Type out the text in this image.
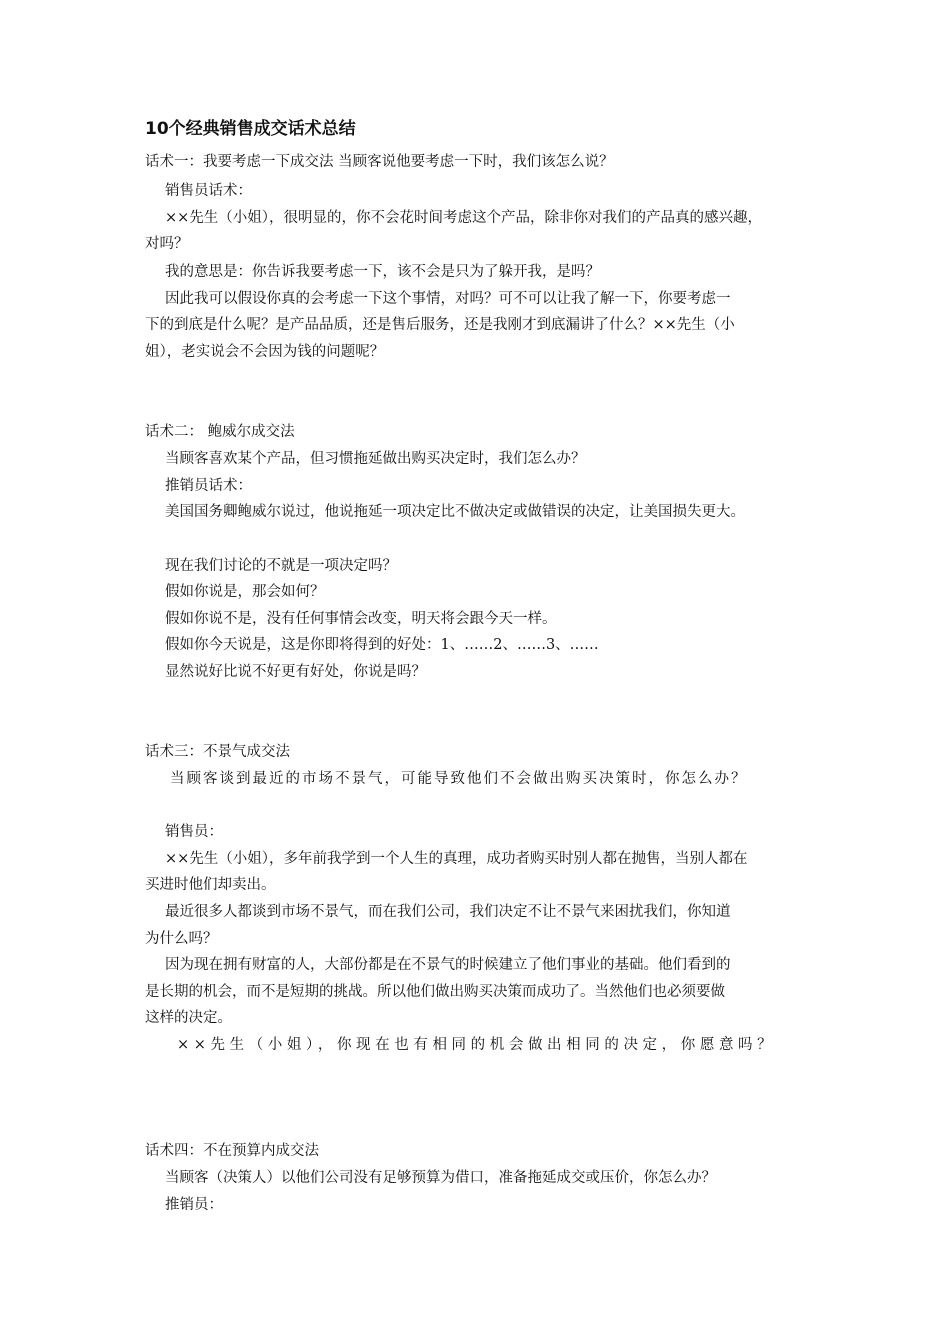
10个经典销售成交话术总结
话术一：我要考虑一下成交法 当顾客说他要考虑一下时，我们该怎么说？
销售员话术：
××先生（小姐），很明显的，你不会花时间考虑这个产品，除非你对我们的产品真的感兴趣，
对吗？
我的意思是：你告诉我要考虑一下，该不会是只为了躲开我，是吗？
因此我可以假设你真的会考虑一下这个事情，对吗？可不可以让我了解一下，你要考虑一
下的到底是什么呢？是产品品质，还是售后服务，还是我刚才到底漏讲了什么？××先生（小
姐），老实说会不会因为钱的问题呢？
话术二： 鲍威尔成交法
当顾客喜欢某个产品，但习惯拖延做出购买决定时，我们怎么办？
推销员话术：
美国国务卿鲍威尔说过，他说拖延一项决定比不做决定或做错误的决定，让美国损失更大。
现在我们讨论的不就是一项决定吗？
假如你说是，那会如何？
假如你说不是，没有任何事情会改变，明天将会跟今天一样。
假如你今天说是，这是你即将得到的好处：1、……2、……3、……
显然说好比说不好更有好处，你说是吗？
话术三：不景气成交法
当顾客谈到最近的市场不景气，可能导致他们不会做出购买决策时，你怎么办？
销售员：
××先生（小姐），多年前我学到一个人生的真理，成功者购买时别人都在抛售，当别人都在
买进时他们却卖出。
最近很多人都谈到市场不景气，而在我们公司，我们决定不让不景气来困扰我们，你知道
为什么吗？
因为现在拥有财富的人，大部份都是在不景气的时候建立了他们事业的基础。他们看到的
是长期的机会，而不是短期的挑战。所以他们做出购买决策而成功了。当然他们也必须要做
这样的决定。
××先生（小姐），你现在也有相同的机会做出相同的决定，你愿意吗？
话术四：不在预算内成交法
当顾客（决策人）以他们公司没有足够预算为借口，准备拖延成交或压价，你怎么办？
推销员：
